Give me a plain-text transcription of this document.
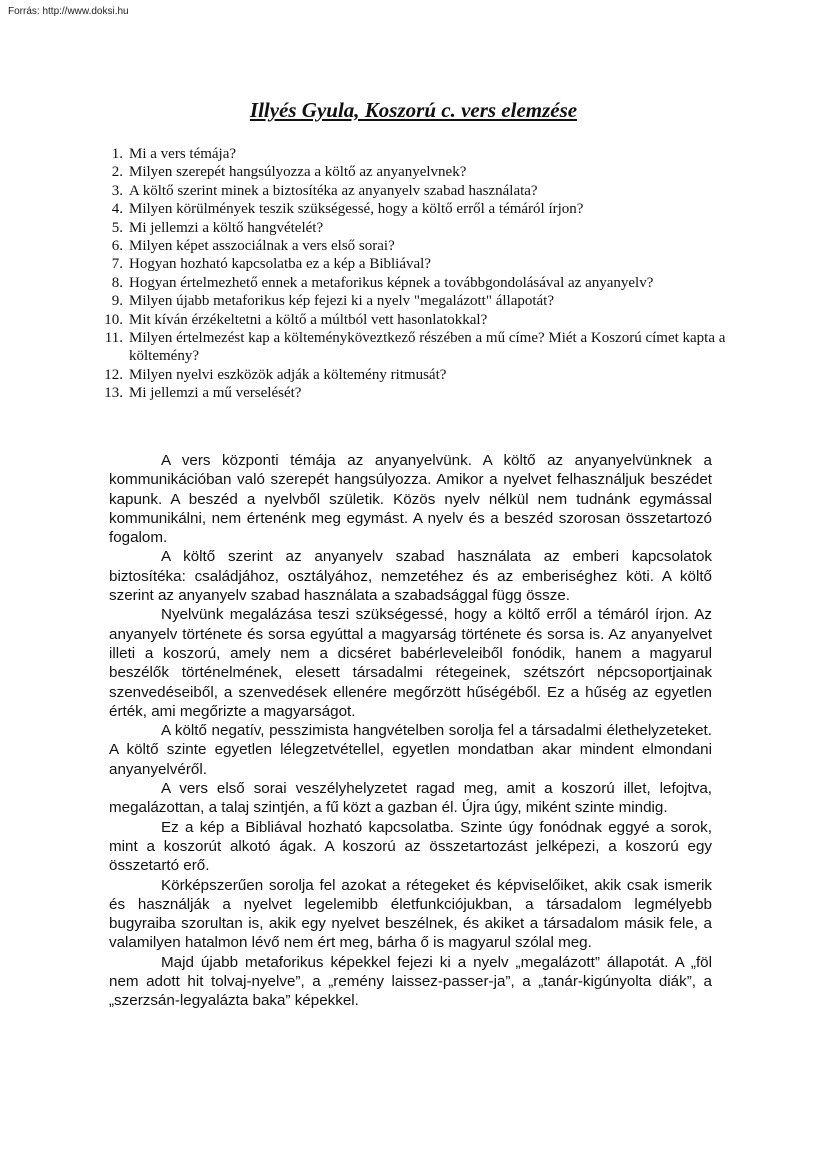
Forrás: http://www.doksi.hu
Illyés Gyula, Koszorú c. vers elemzése
1. Mi a vers témája?
2. Milyen szerepét hangsúlyozza a költő az anyanyelvnek?
3. A költő szerint minek a biztosítéka az anyanyelv szabad használata?
4. Milyen körülmények teszik szükségessé, hogy a költő erről a témáról írjon?
5. Mi jellemzi a költő hangvételét?
6. Milyen képet asszociálnak a vers első sorai?
7. Hogyan hozható kapcsolatba ez a kép a Bibliával?
8. Hogyan értelmezhető ennek a metaforikus képnek a továbbgondolásával az anyanyelv?
9. Milyen újabb metaforikus kép fejezi ki a nyelv "megalázott" állapotát?
10. Mit kíván érzékeltetni a költő a múltból vett hasonlatokkal?
11. Milyen értelmezést kap a költeményköveztkező részében a mű címe? Miét a Koszorú címet kapta a költemény?
12. Milyen nyelvi eszközök adják a költemény ritmusát?
13. Mi jellemzi a mű verselését?

A vers központi témája az anyanyelvünk. A költő az anyanyelvünknek a kommunikációban való szerepét hangsúlyozza. Amikor a nyelvet felhasználjuk beszédet kapunk. A beszéd a nyelvből születik. Közös nyelv nélkül nem tudnánk egymással kommunikálni, nem értenénk meg egymást. A nyelv és a beszéd szorosan összetartozó fogalom.

A költő szerint az anyanyelv szabad használata az emberi kapcsolatok biztosítéka: családjához, osztályához, nemzetéhez és az emberiséghez köti. A költő szerint az anyanyelv szabad használata a szabadsággal függ össze.

Nyelvünk megalázása teszi szükségessé, hogy a költő erről a témáról írjon. Az anyanyelv története és sorsa egyúttal a magyarság története és sorsa is. Az anyanyelvet illeti a koszorú, amely nem a dicséret babérleveleiből fonódik, hanem a magyarul beszélők történelmének, elesett társadalmi rétegeinek, szétszórt népcsoportjainak szenvedéseiből, a szenvedések ellenére megőrzött hűségéből. Ez a hűség az egyetlen érték, ami megőrizte a magyarságot.

A költő negatív, pesszimista hangvételben sorolja fel a társadalmi élethelyzeteket. A költő szinte egyetlen lélegzetvétellel, egyetlen mondatban akar mindent elmondani anyanyelvéről.

A vers első sorai veszélyhelyzetet ragad meg, amit a koszorú illet, lefojtva, megalázottan, a talaj szintjén, a fű közt a gazban él. Újra úgy, miként szinte mindig.

Ez a kép a Bibliával hozható kapcsolatba. Szinte úgy fonódnak eggyé a sorok, mint a koszorút alkotó ágak. A koszorú az összetartozást jelképezi, a koszorú egy összetartó erő.

Körképszerűen sorolja fel azokat a rétegeket és képviselőiket, akik csak ismerik és használják a nyelvet legelemibb életfunkciójukban, a társadalom legmélyebb bugyraiba szorultan is, akik egy nyelvet beszélnek, és akiket a társadalom másik fele, a valamilyen hatalmon lévő nem ért meg, bárha ő is magyarul szólal meg.

Majd újabb metaforikus képekkel fejezi ki a nyelv „megalázott” állapotát. A „föl nem adott hit tolvaj-nyelve”, a „remény laissez-passer-ja”, a „tanár-kigúnyolta diák”, a „szerzsán-legyalázta baka” képekkel.
